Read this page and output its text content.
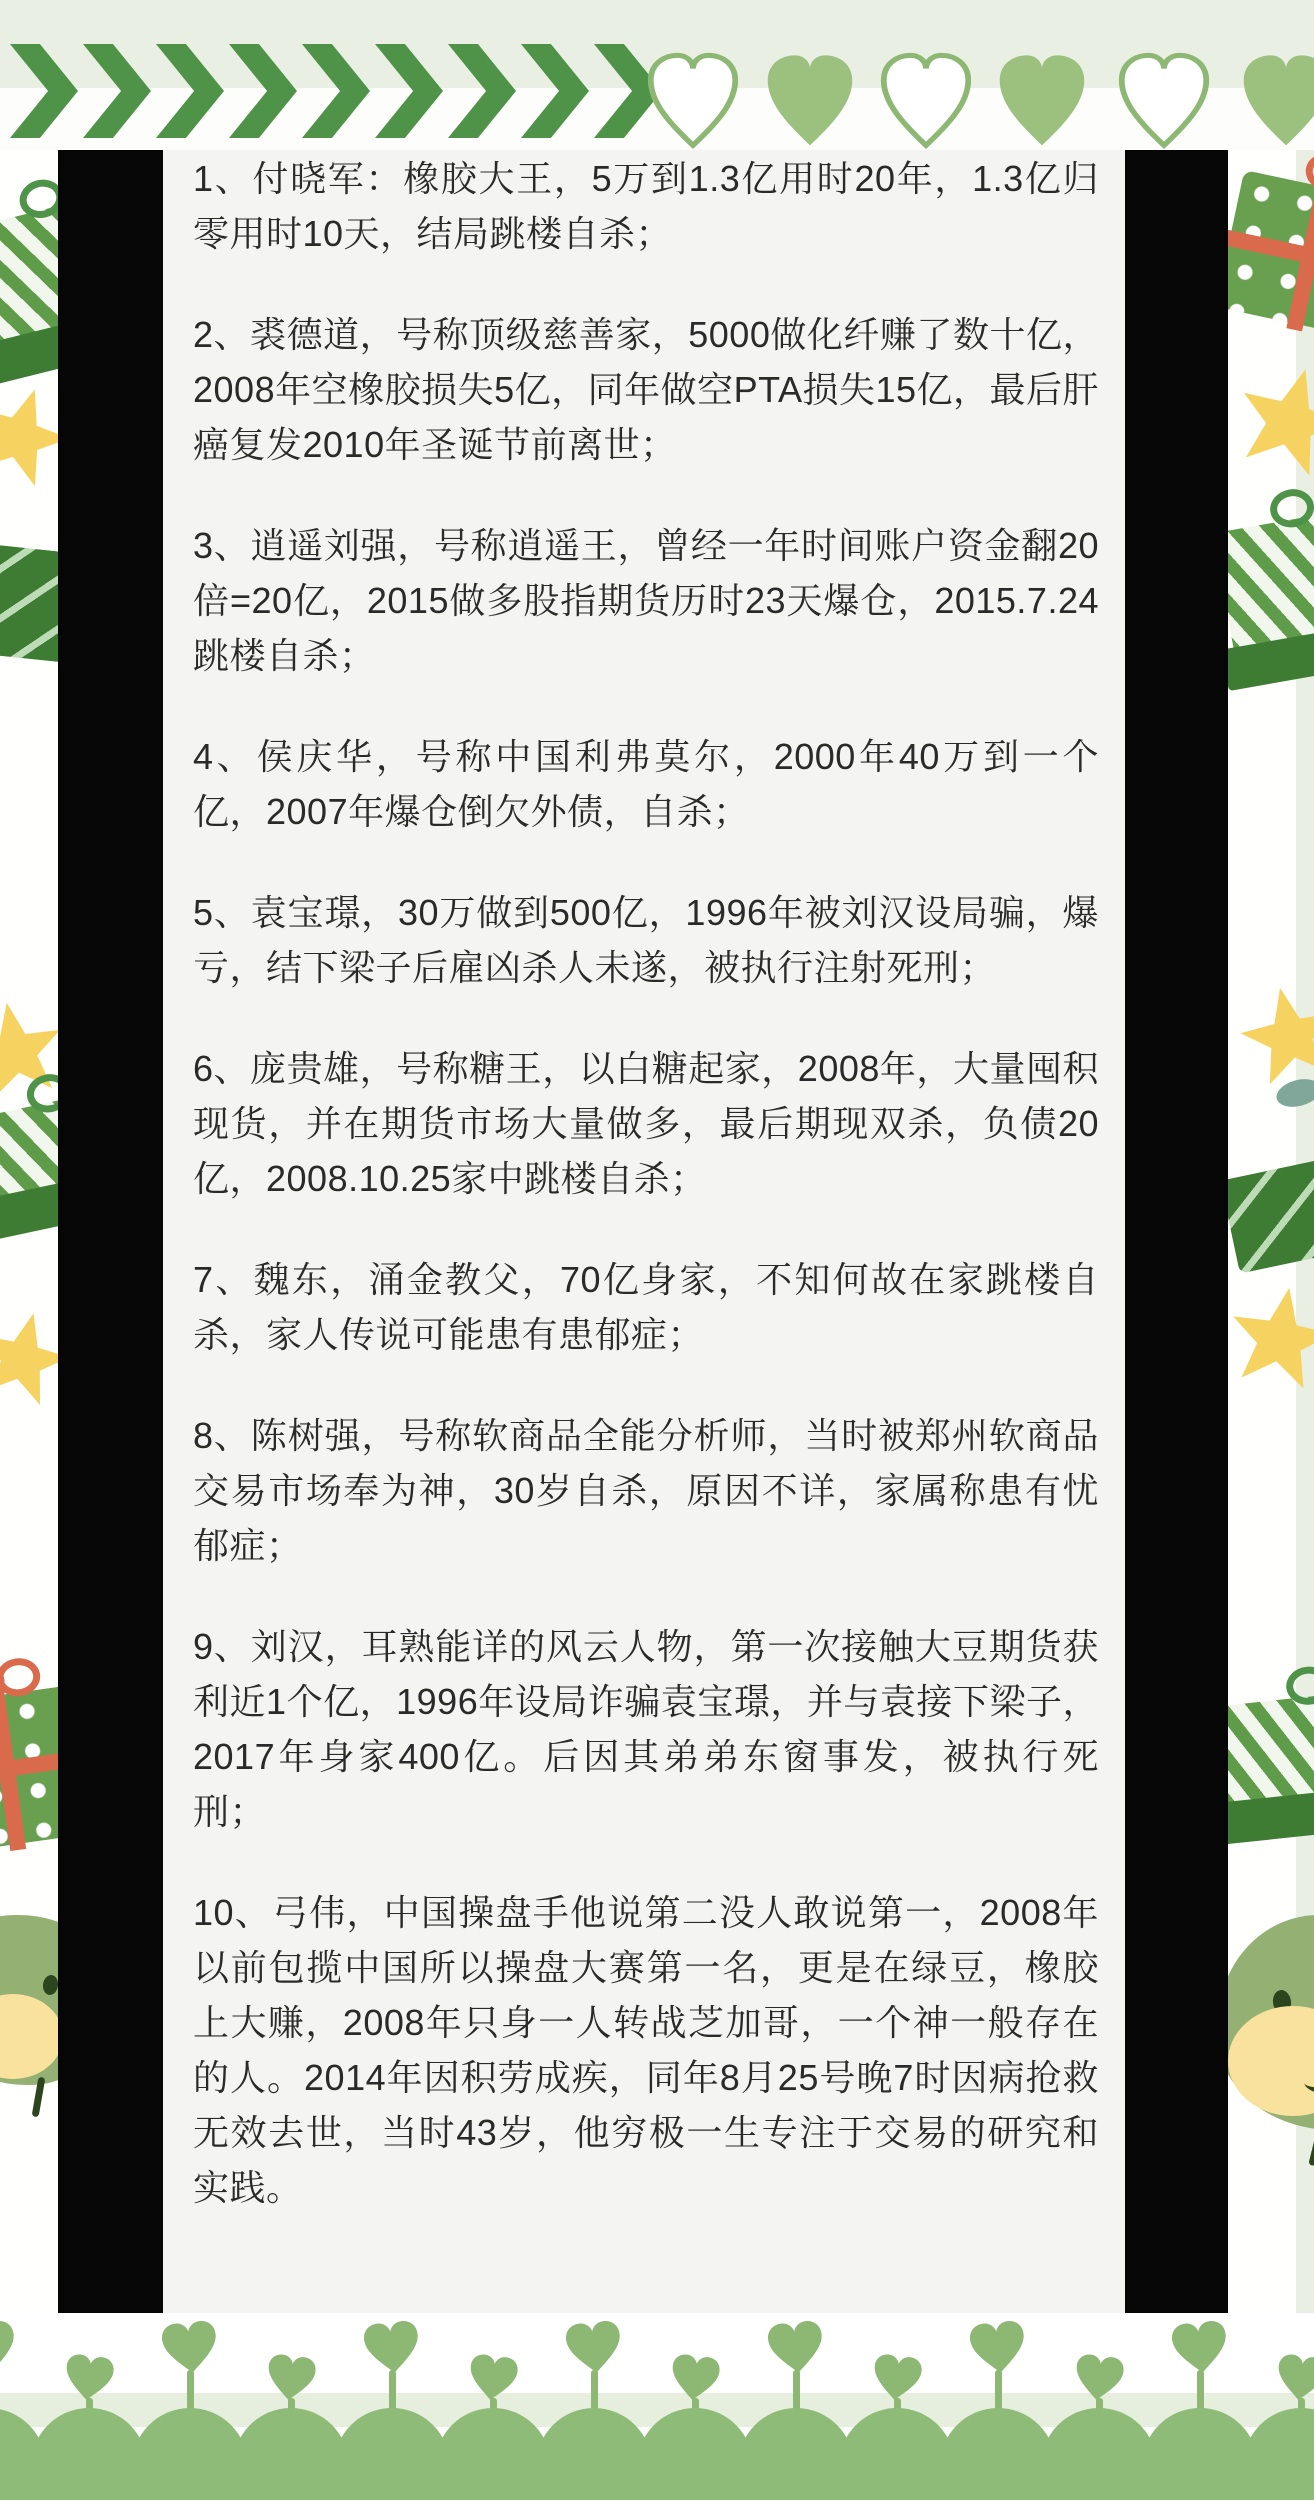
1、付晓军：橡胶大王，5万到1.3亿用时20年，1.3亿归零用时10天，结局跳楼自杀；

2、裘德道，号称顶级慈善家，5000做化纤赚了数十亿，2008年空橡胶损失5亿，同年做空PTA损失15亿，最后肝癌复发2010年圣诞节前离世；

3、逍遥刘强，号称逍遥王，曾经一年时间账户资金翻20倍=20亿，2015做多股指期货历时23天爆仓，2015.7.24跳楼自杀；

4、侯庆华，号称中国利弗莫尔，2000年40万到一个亿，2007年爆仓倒欠外债，自杀；

5、袁宝璟，30万做到500亿，1996年被刘汉设局骗，爆亏，结下梁子后雇凶杀人未遂，被执行注射死刑；

6、庞贵雄，号称糖王，以白糖起家，2008年，大量囤积现货，并在期货市场大量做多，最后期现双杀，负债20亿，2008.10.25家中跳楼自杀；

7、魏东，涌金教父，70亿身家，不知何故在家跳楼自杀，家人传说可能患有患郁症；

8、陈树强，号称软商品全能分析师，当时被郑州软商品交易市场奉为神，30岁自杀，原因不详，家属称患有忧郁症；

9、刘汉，耳熟能详的风云人物，第一次接触大豆期货获利近1个亿，1996年设局诈骗袁宝璟，并与袁接下梁子，2017年身家400亿。后因其弟弟东窗事发，被执行死刑；

10、弓伟，中国操盘手他说第二没人敢说第一，2008年以前包揽中国所以操盘大赛第一名，更是在绿豆，橡胶上大赚，2008年只身一人转战芝加哥，一个神一般存在的人。2014年因积劳成疾，同年8月25号晚7时因病抢救无效去世，当时43岁，他穷极一生专注于交易的研究和实践。
